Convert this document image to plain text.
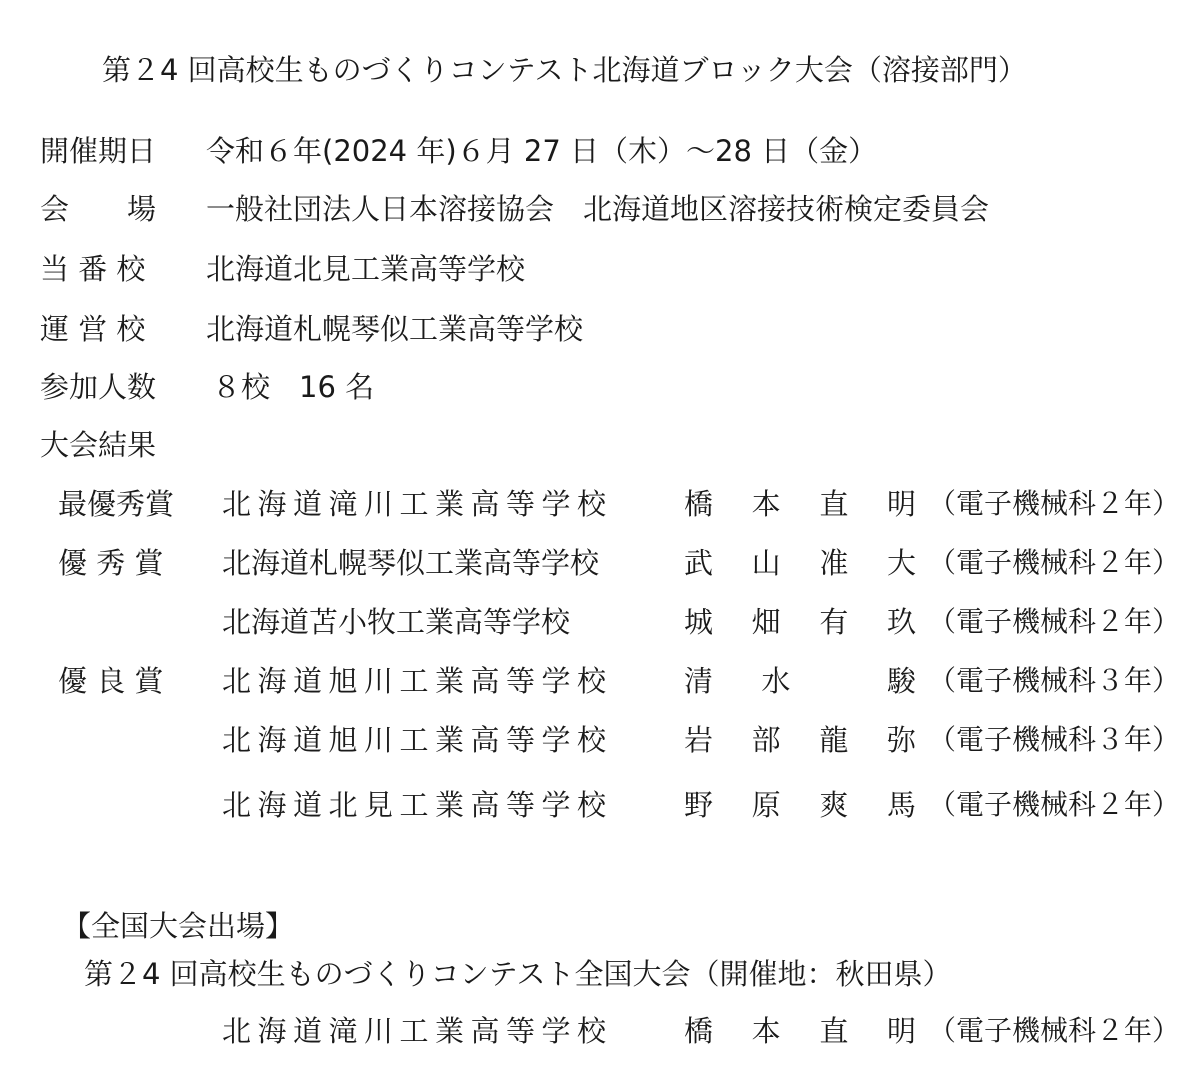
第２4 回高校生ものづくりコンテスト北海道ブロック大会（溶接部門）
開催期日 令和６年(2024 年)６月 27 日（木）～28 日（金）
会　　場 一般社団法人日本溶接協会　北海道地区溶接技術検定委員会
当 番 校 北海道北見工業高等学校
運 営 校 北海道札幌琴似工業高等学校
参加人数 ８校　16 名
大会結果
最優秀賞 北海道滝川工業高等学校 橋 本 直 明 （電子機械科２年）
優 秀 賞 北海道札幌琴似工業高等学校	武 山 准 大 （電子機械科２年）
北海道苫小牧工業高等学校	城 畑 有 玖 （電子機械科２年）
優 良 賞 北海道旭川工業高等学校 清 水	駿 （電子機械科３年）
北海道旭川工業高等学校 岩 部 龍 弥 （電子機械科３年）
北海道北見工業高等学校 野 原 爽 馬 （電子機械科２年）
【全国大会出場】
第２4 回高校生ものづくりコンテスト全国大会（開催地：秋田県）
北海道滝川工業高等学校 橋 本 直 明 （電子機械科２年）
